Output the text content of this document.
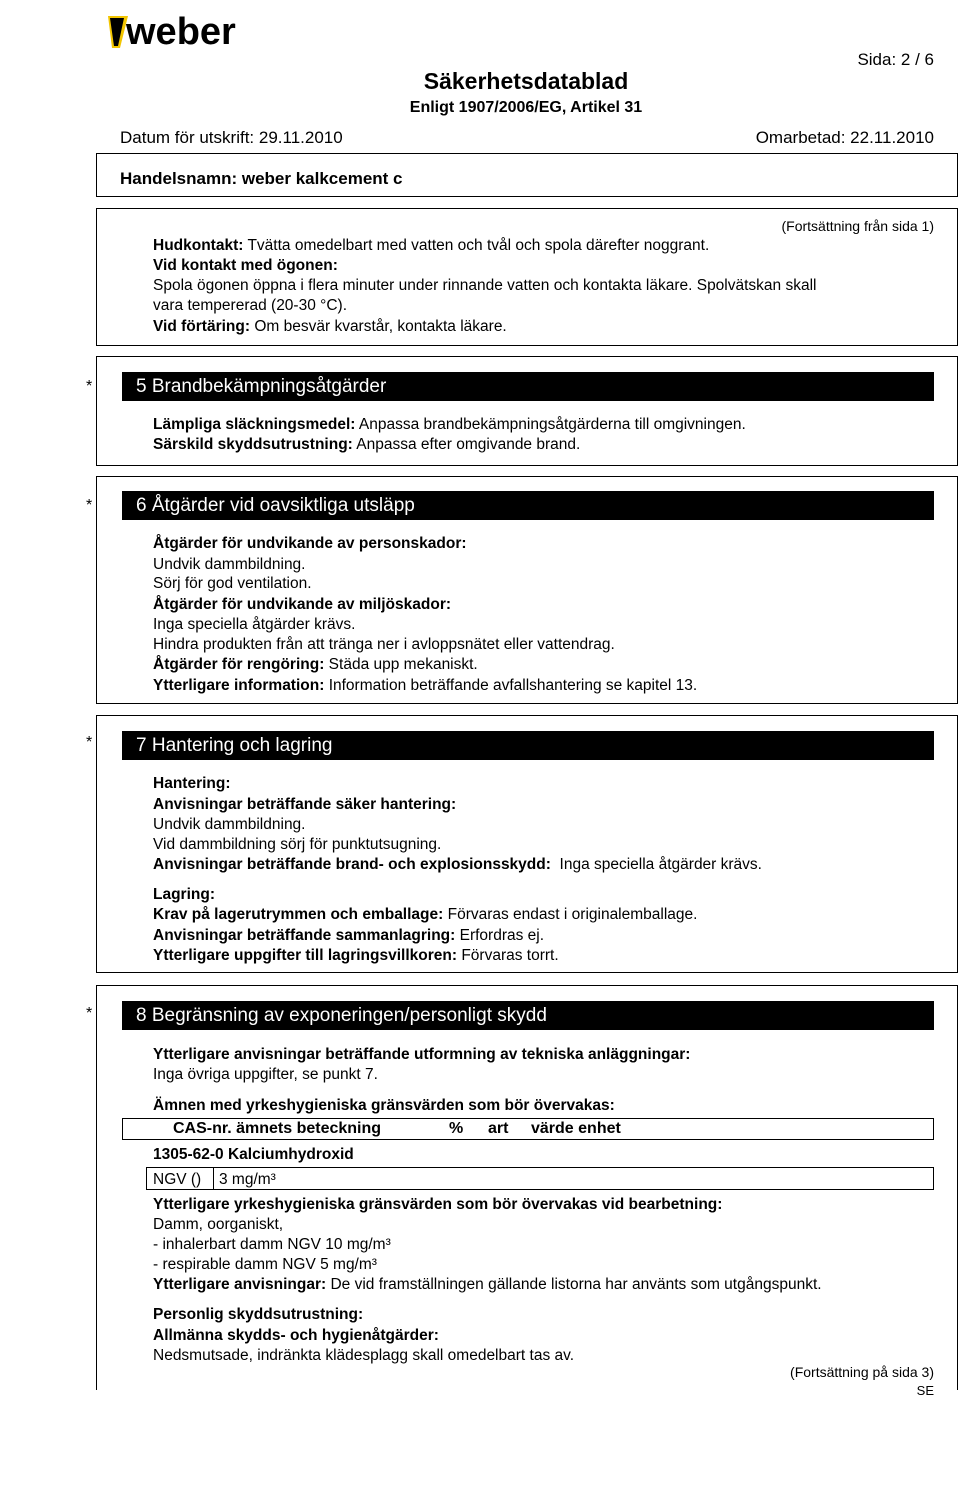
weber
Sida: 2 / 6
Säkerhetsdatablad
Enligt 1907/2006/EG, Artikel 31
Datum för utskrift: 29.11.2010	Omarbetad: 22.11.2010
Handelsnamn: weber kalkcement c
(Fortsättning från sida 1)
Hudkontakt: Tvätta omedelbart med vatten och tvål och spola därefter noggrant.
Vid kontakt med ögonen:
Spola ögonen öppna i flera minuter under rinnande vatten och kontakta läkare. Spolvätskan skall
vara tempererad (20-30 °C).
Vid förtäring: Om besvär kvarstår, kontakta läkare.
*	5 Brandbekämpningsåtgärder
Lämpliga släckningsmedel: Anpassa brandbekämpningsåtgärderna till omgivningen.
Särskild skyddsutrustning: Anpassa efter omgivande brand.
*	6 Åtgärder vid oavsiktliga utsläpp
Åtgärder för undvikande av personskador:
Undvik dammbildning.
Sörj för god ventilation.
Åtgärder för undvikande av miljöskador:
Inga speciella åtgärder krävs.
Hindra produkten från att tränga ner i avloppsnätet eller vattendrag.
Åtgärder för rengöring: Städa upp mekaniskt.
Ytterligare information: Information beträffande avfallshantering se kapitel 13.
*	7 Hantering och lagring
Hantering:
Anvisningar beträffande säker hantering:
Undvik dammbildning.
Vid dammbildning sörj för punktutsugning.
Anvisningar beträffande brand- och explosionsskydd:  Inga speciella åtgärder krävs.
Lagring:
Krav på lagerutrymmen och emballage: Förvaras endast i originalemballage.
Anvisningar beträffande sammanlagring: Erfordras ej.
Ytterligare uppgifter till lagringsvillkoren: Förvaras torrt.
*	8 Begränsning av exponeringen/personligt skydd
Ytterligare anvisningar beträffande utformning av tekniska anläggningar:
Inga övriga uppgifter, se punkt 7.
Ämnen med yrkeshygieniska gränsvärden som bör övervakas:
CAS-nr. ämnets beteckning	% art värde enhet
1305-62-0 Kalciumhydroxid
NGV () 3 mg/m³
Ytterligare yrkeshygieniska gränsvärden som bör övervakas vid bearbetning:
Damm, oorganiskt,
- inhalerbart damm NGV 10 mg/m³
- respirable damm NGV 5 mg/m³
Ytterligare anvisningar: De vid framställningen gällande listorna har använts som utgångspunkt.
Personlig skyddsutrustning:
Allmänna skydds- och hygienåtgärder:
Nedsmutsade, indränkta klädesplagg skall omedelbart tas av.
(Fortsättning på sida 3)
SE
